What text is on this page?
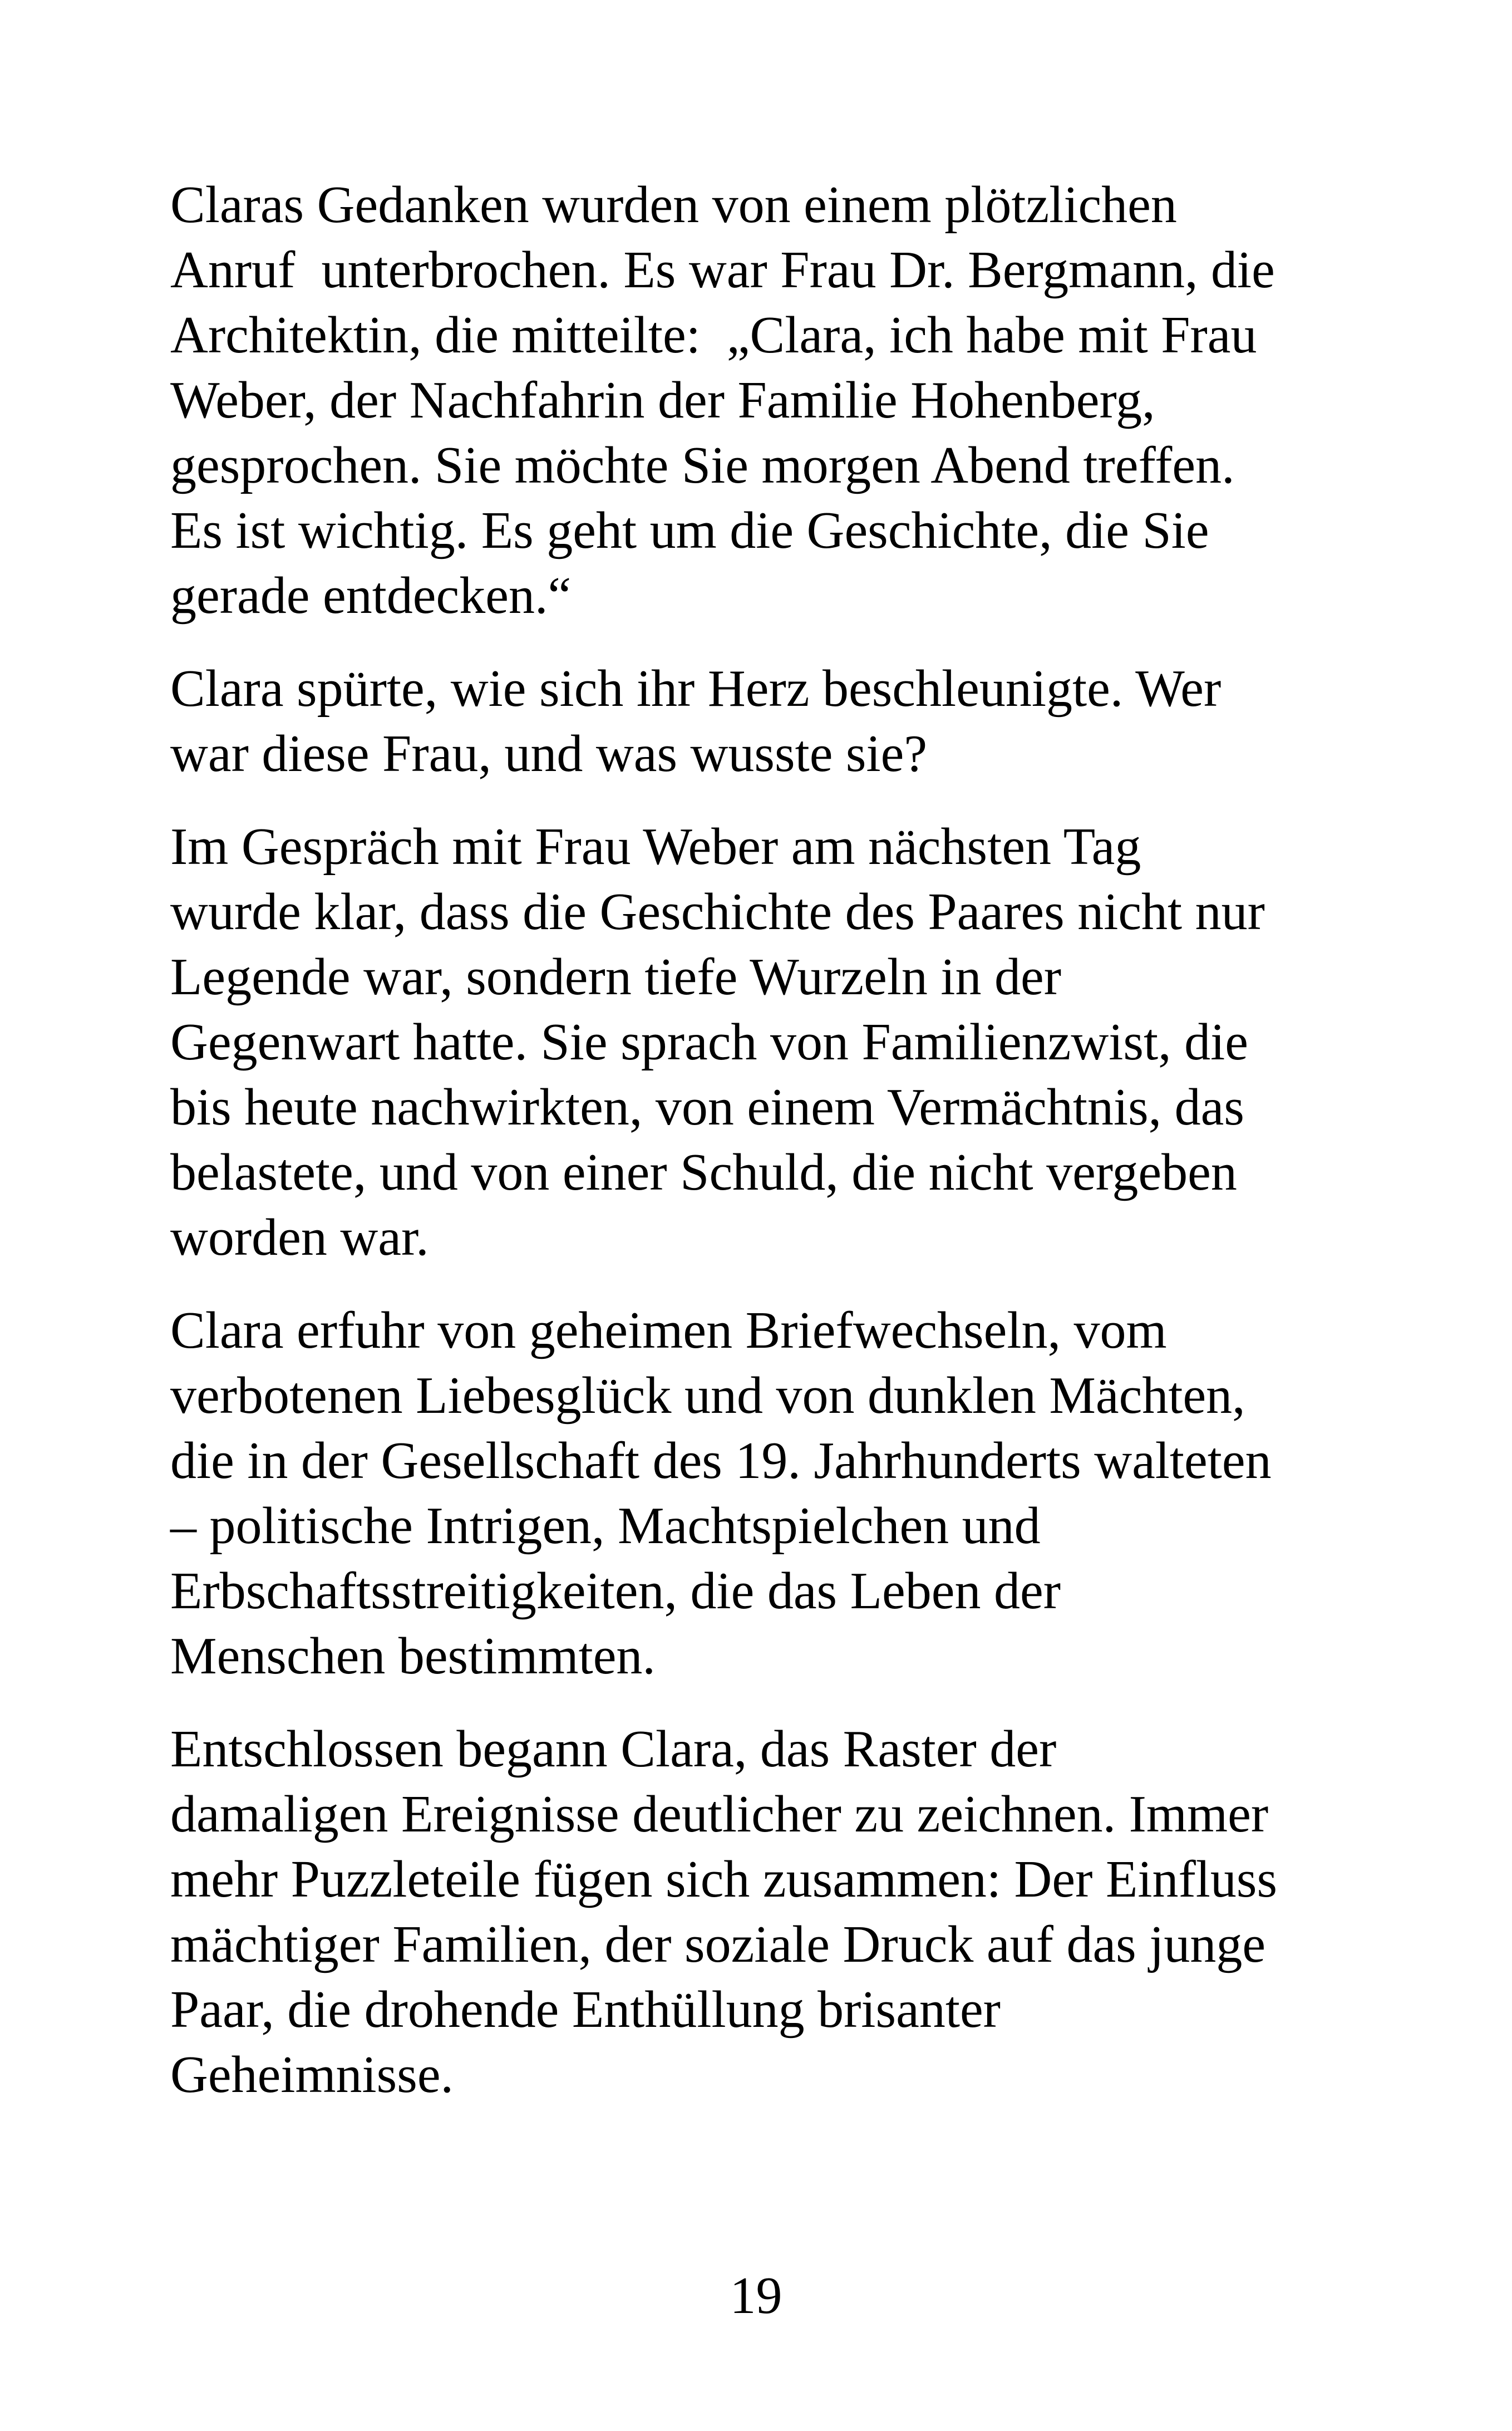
Claras Gedanken wurden von einem plötzlichen
Anruf  unterbrochen. Es war Frau Dr. Bergmann, die
Architektin, die mitteilte:  „Clara, ich habe mit Frau
Weber, der Nachfahrin der Familie Hohenberg,
gesprochen. Sie möchte Sie morgen Abend treffen.
Es ist wichtig. Es geht um die Geschichte, die Sie
gerade entdecken.“

Clara spürte, wie sich ihr Herz beschleunigte. Wer
war diese Frau, und was wusste sie?

Im Gespräch mit Frau Weber am nächsten Tag
wurde klar, dass die Geschichte des Paares nicht nur
Legende war, sondern tiefe Wurzeln in der
Gegenwart hatte. Sie sprach von Familienzwist, die
bis heute nachwirkten, von einem Vermächtnis, das
belastete, und von einer Schuld, die nicht vergeben
worden war.

Clara erfuhr von geheimen Briefwechseln, vom
verbotenen Liebesglück und von dunklen Mächten,
die in der Gesellschaft des 19. Jahrhunderts walteten
– politische Intrigen, Machtspielchen und
Erbschaftsstreitigkeiten, die das Leben der
Menschen bestimmten.

Entschlossen begann Clara, das Raster der
damaligen Ereignisse deutlicher zu zeichnen. Immer
mehr Puzzleteile fügen sich zusammen: Der Einfluss
mächtiger Familien, der soziale Druck auf das junge
Paar, die drohende Enthüllung brisanter
Geheimnisse.

19
